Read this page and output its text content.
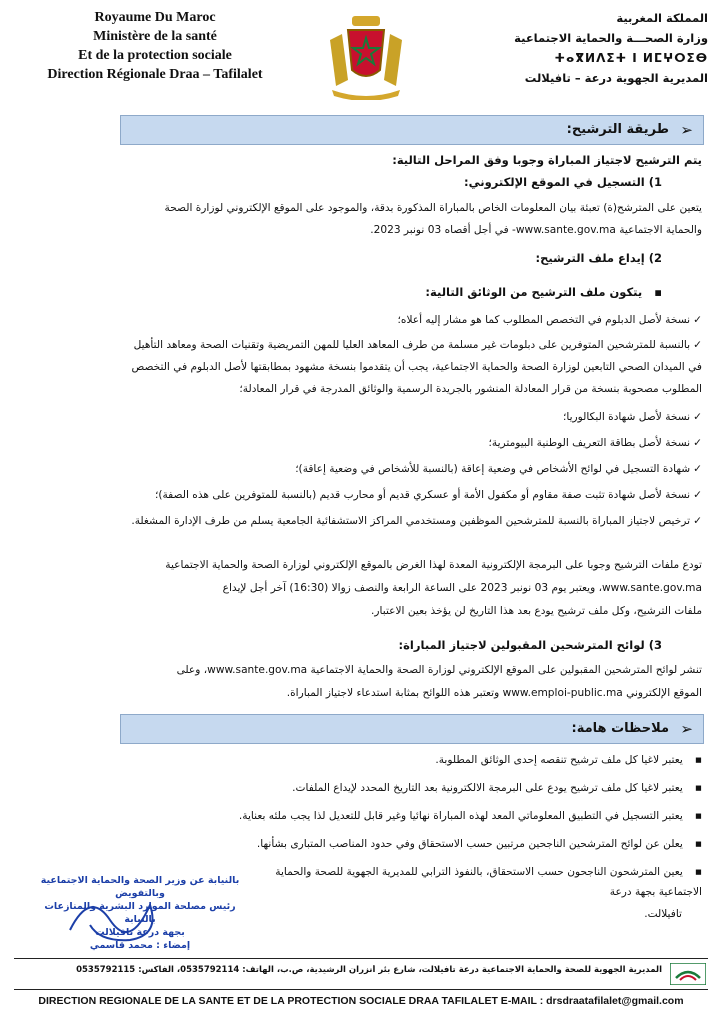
Royaume Du Maroc
Ministère de la santé
Et de la protection sociale
Direction Régionale Draa – Tafilalet
المملكة المغربية
وزارة الصحـــة والحماية الاجتماعية
ⵜⴰⴳⵍⴷⵉⵜ ⵏ ⵍⵎⵖⵔⵉⴱ
المديرية الجهوية درعة – تافيلالت
➢
طريقة الترشيح:
يتم الترشيح لاجتياز المباراة وجوبا وفق المراحل التالية:
1) التسجيل في الموقع الإلكتروني:
يتعين على المترشح(ة) تعبئة بيان المعلومات الخاص بالمباراة المذكورة بدقة، والموجود على الموقع الإلكتروني لوزارة الصحة
والحماية الاجتماعية www.sante.gov.ma- في أجل أقصاه 03 نونبر 2023.
2) إيداع ملف الترشيح:
▪ يتكون ملف الترشيح من الوثائق التالية:
✓ نسخة لأصل الدبلوم في التخصص المطلوب كما هو مشار إليه أعلاه؛
✓ بالنسبة للمترشحين المتوفرين على دبلومات غير مسلمة من طرف المعاهد العليا للمهن التمريضية وتقنيات الصحة ومعاهد التأهيل
في الميدان الصحي التابعين لوزارة الصحة والحماية الاجتماعية، يجب أن يتقدموا بنسخة مشهود بمطابقتها لأصل الدبلوم في التخصص
المطلوب مصحوبة بنسخة من قرار المعادلة المنشور بالجريدة الرسمية والوثائق المدرجة في قرار المعادلة؛
✓ نسخة لأصل شهادة البكالوريا؛
✓ نسخة لأصل بطاقة التعريف الوطنية البيومترية؛
✓ شهادة التسجيل في لوائح الأشخاص في وضعية إعاقة (بالنسبة للأشخاص في وضعية إعاقة)؛
✓ نسخة لأصل شهادة تثبت صفة مقاوم أو مكفول الأمة أو عسكري قديم أو محارب قديم (بالنسبة للمتوفرين على هذه الصفة)؛
✓ ترخيص لاجتياز المباراة بالنسبة للمترشحين الموظفين ومستخدمي المراكز الاستشفائية الجامعية يسلم من طرف الإدارة المشغلة.
تودع ملفات الترشيح وجوبا على البرمجة الإلكترونية المعدة لهذا الغرض بالموقع الإلكتروني لوزارة الصحة والحماية الاجتماعية
www.sante.gov.ma، ويعتبر يوم 03 نونبر 2023 على الساعة الرابعة والنصف زوالا (16:30) آخر أجل لإيداع
ملفات الترشيح، وكل ملف ترشيح يودع بعد هذا التاريخ لن يؤخذ بعين الاعتبار.
3) لوائح المترشحين المقبولين لاجتياز المباراة:
تنشر لوائح المترشحين المقبولين على الموقع الإلكتروني لوزارة الصحة والحماية الاجتماعية www.sante.gov.ma، وعلى
الموقع الإلكتروني www.emploi-public.ma وتعتبر هذه اللوائح بمثابة استدعاء لاجتياز المباراة.
➢
ملاحظات هامة:
▪ يعتبر لاغيا كل ملف ترشيح تنقصه إحدى الوثائق المطلوبة.
▪ يعتبر لاغيا كل ملف ترشيح يودع على البرمجة الالكترونية بعد التاريخ المحدد لإيداع الملفات.
▪ يعتبر التسجيل في التطبيق المعلوماتي المعد لهذه المباراة نهائيا وغير قابل للتعديل لذا يجب ملئه بعناية.
▪ يعلن عن لوائح المترشحين الناجحين مرتبين حسب الاستحقاق وفي حدود المناصب المتبارى بشأنها.
▪ يعين المترشحون الناجحون حسب الاستحقاق، بالنفوذ الترابي للمديرية الجهوية للصحة والحماية الاجتماعية بجهة درعة
تافيلالت.
بالنيابة عن وزير الصحة والحماية الاجتماعية
وبالتفويض
رئيس مصلحة الموارد البشرية والمنازعات بالنيابة
بجهة درعة تافيلالت
إمضاء : محمد قاسمي
المديرية الجهوية للصحة والحماية الاجتماعية درعة تافيلالت، شارع بئر أنزران الرشيدية، ص.ب، الهاتف: 0535792114، الفاكس: 0535792115
DIRECTION REGIONALE DE LA SANTE ET DE LA PROTECTION SOCIALE DRAA TAFILALET E-MAIL : drsdraatafilalet@gmail.com
